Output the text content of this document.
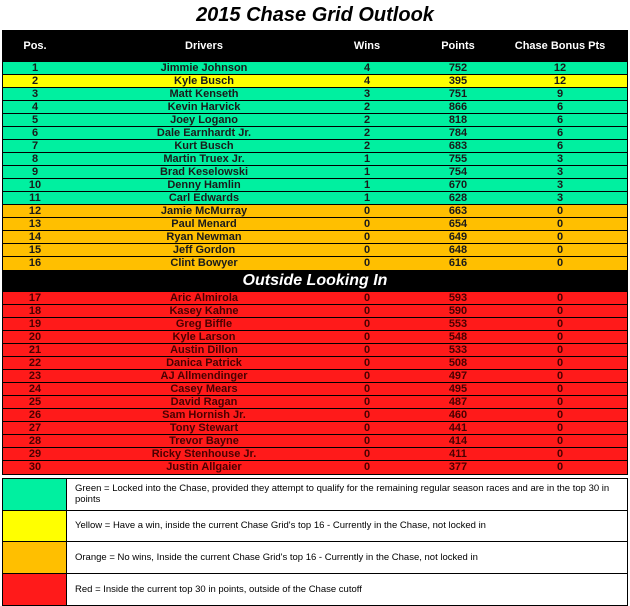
2015 Chase Grid Outlook
Pos.	Drivers	Wins	Points	Chase Bonus Pts
1	Jimmie Johnson	4	752	12
2	Kyle Busch	4	395	12
3	Matt Kenseth	3	751	9
4	Kevin Harvick	2	866	6
5	Joey Logano	2	818	6
6	Dale Earnhardt Jr.	2	784	6
7	Kurt Busch	2	683	6
8	Martin Truex Jr.	1	755	3
9	Brad Keselowski	1	754	3
10	Denny Hamlin	1	670	3
11	Carl Edwards	1	628	3
12	Jamie McMurray	0	663	0
13	Paul Menard	0	654	0
14	Ryan Newman	0	649	0
15	Jeff Gordon	0	648	0
16	Clint Bowyer	0	616	0
Outside Looking In
17	Aric Almirola	0	593	0
18	Kasey Kahne	0	590	0
19	Greg Biffle	0	553	0
20	Kyle Larson	0	548	0
21	Austin Dillon	0	533	0
22	Danica Patrick	0	508	0
23	AJ Allmendinger	0	497	0
24	Casey Mears	0	495	0
25	David Ragan	0	487	0
26	Sam Hornish Jr.	0	460	0
27	Tony Stewart	0	441	0
28	Trevor Bayne	0	414	0
29	Ricky Stenhouse Jr.	0	411	0
30	Justin Allgaier	0	377	0
Green = Locked into the Chase, provided they attempt to qualify for the remaining regular season races and are in the top 30 in points
Yellow = Have a win, inside the current Chase Grid's top 16 - Currently in the Chase, not locked in
Orange = No wins, Inside the current Chase Grid's top 16 - Currently in the Chase, not locked in
Red = Inside the current top 30 in points, outside of the Chase cutoff
